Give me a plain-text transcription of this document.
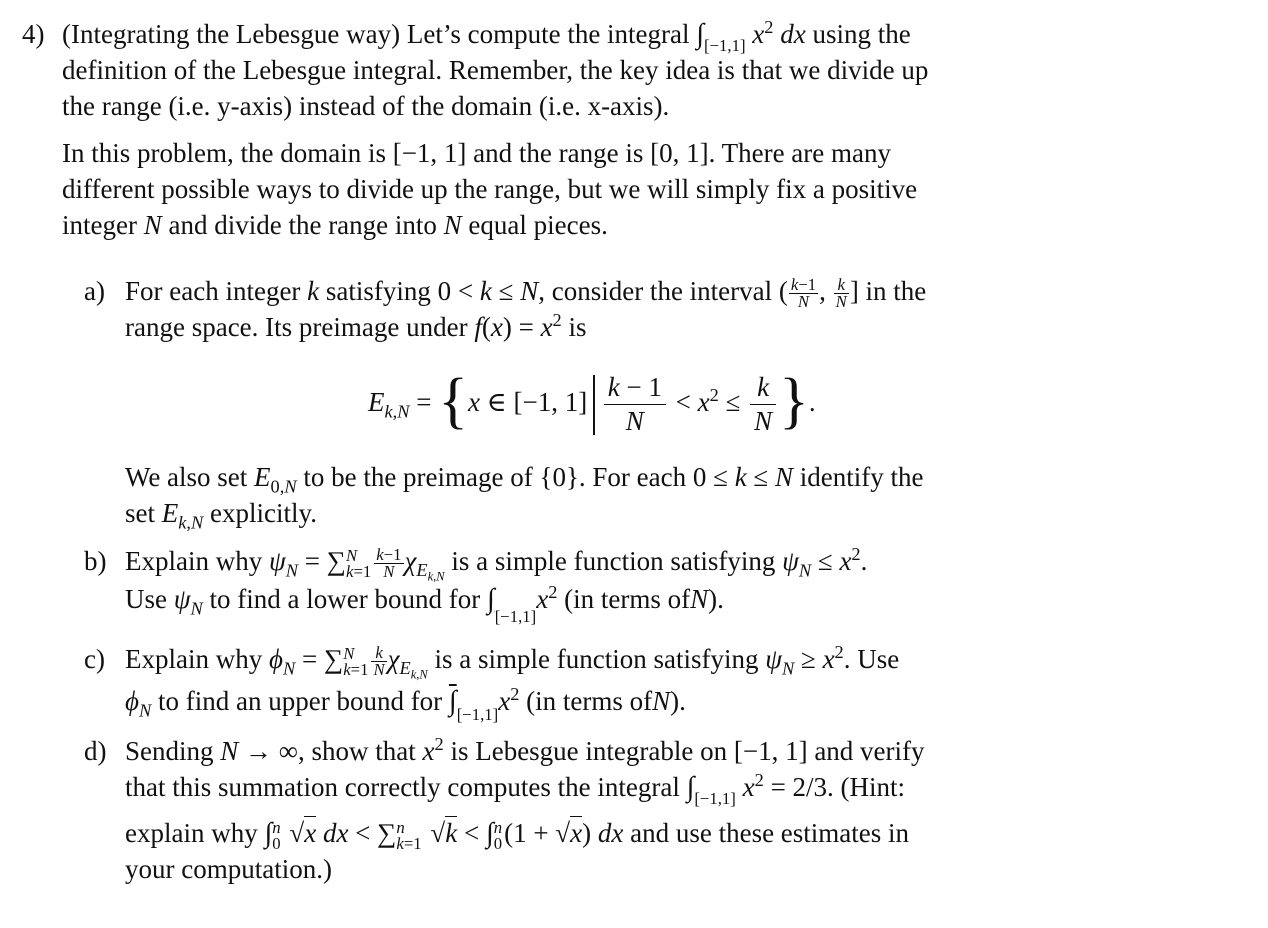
4) (Integrating the Lebesgue way) Let’s compute the integral ∫[−1,1] $x^2$ dx using the
definition of the Lebesgue integral. Remember, the key idea is that we divide up
the range (i.e. y-axis) instead of the domain (i.e. x-axis).
In this problem, the domain is [−1, 1] and the range is [0, 1]. There are many
different possible ways to divide up the range, but we will simply fix a positive
integer N and divide the range into N equal pieces.
a) For each integer k satisfying 0 < k ≤ N, consider the interval ( $\frac{k-1}{N}$ , $\frac{k}{N}$ ] in the
range space. Its preimage under $f(x) = x^2$ is
$E_{k,N} = \{x$ ∈ [−1, $1] \frac{k - 1}{N} < x^2 \le \frac{k}{N}$ }.
We also set $E_{0,N}$ to be the preimage of {0}. For each 0 ≤ k ≤ N identify the
set $E_{k,N}$ explicitly.
b) Explain why $\psi_N$ = ∑ N
$k=1 \frac{k-1}{N} \chi_{E_{k,N}}$ is a simple function satisfying $\psi_N \le x^2$.
Use $\psi_N$ to find a lower bound for $\int[-1,1]x^2$ (in terms ofN).
c) Explain why $\phi_N$ = ∑ N
$k=1 \frac{k}{N} \chi_{E_{k,N}}$ is a simple function satisfying $\psi_N \ge x^2$. Use
$\phi_N$ to find an upper bound for $\int[-1,1]x^2$ (in terms ofN).
d) Sending N → ∞, show that $x^2$ is Lebesgue integrable on [−1, 1] and verify
that this summation correctly computes the integral ∫[−1,1] $x^2 = 2/3$. (Hint:
explain why ∫ n
0 √x dx < ∑ n
k=1 √k < ∫ n
0 (1 + √x) dx and use these estimates in
your computation.)
